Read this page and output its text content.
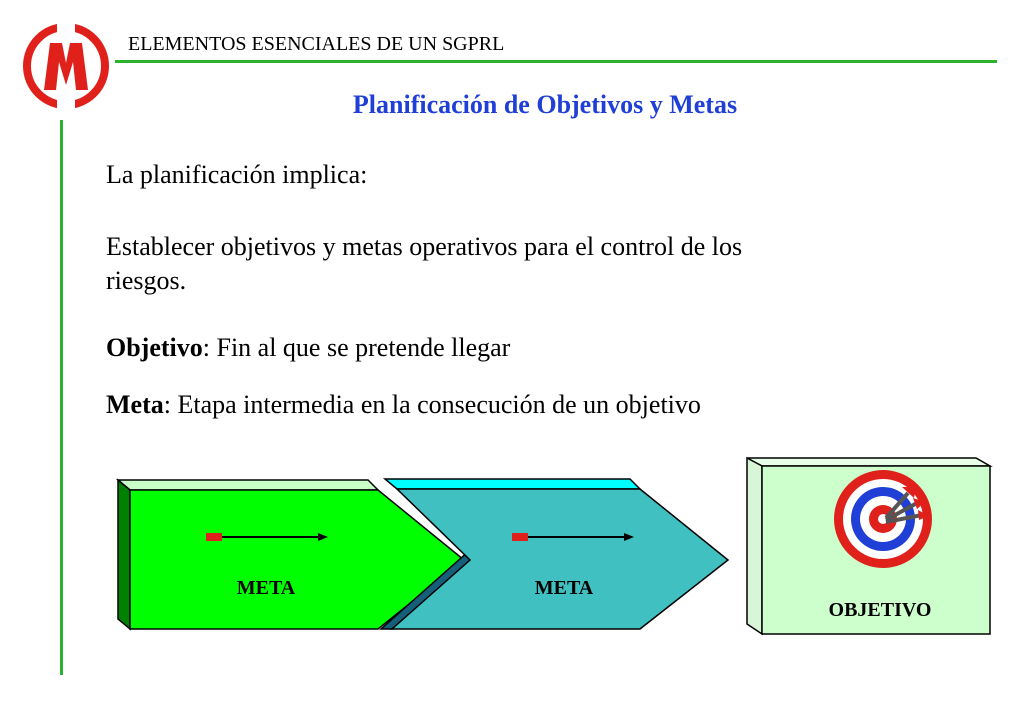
ELEMENTOS ESENCIALES DE UN SGPRL
Planificación de Objetivos y Metas
La planificación implica:
Establecer objetivos y metas operativos para el control de los
riesgos.
Objetivo: Fin al que se pretende llegar
Meta: Etapa intermedia en la consecución de un objetivo
META	META
OBJETIVO
